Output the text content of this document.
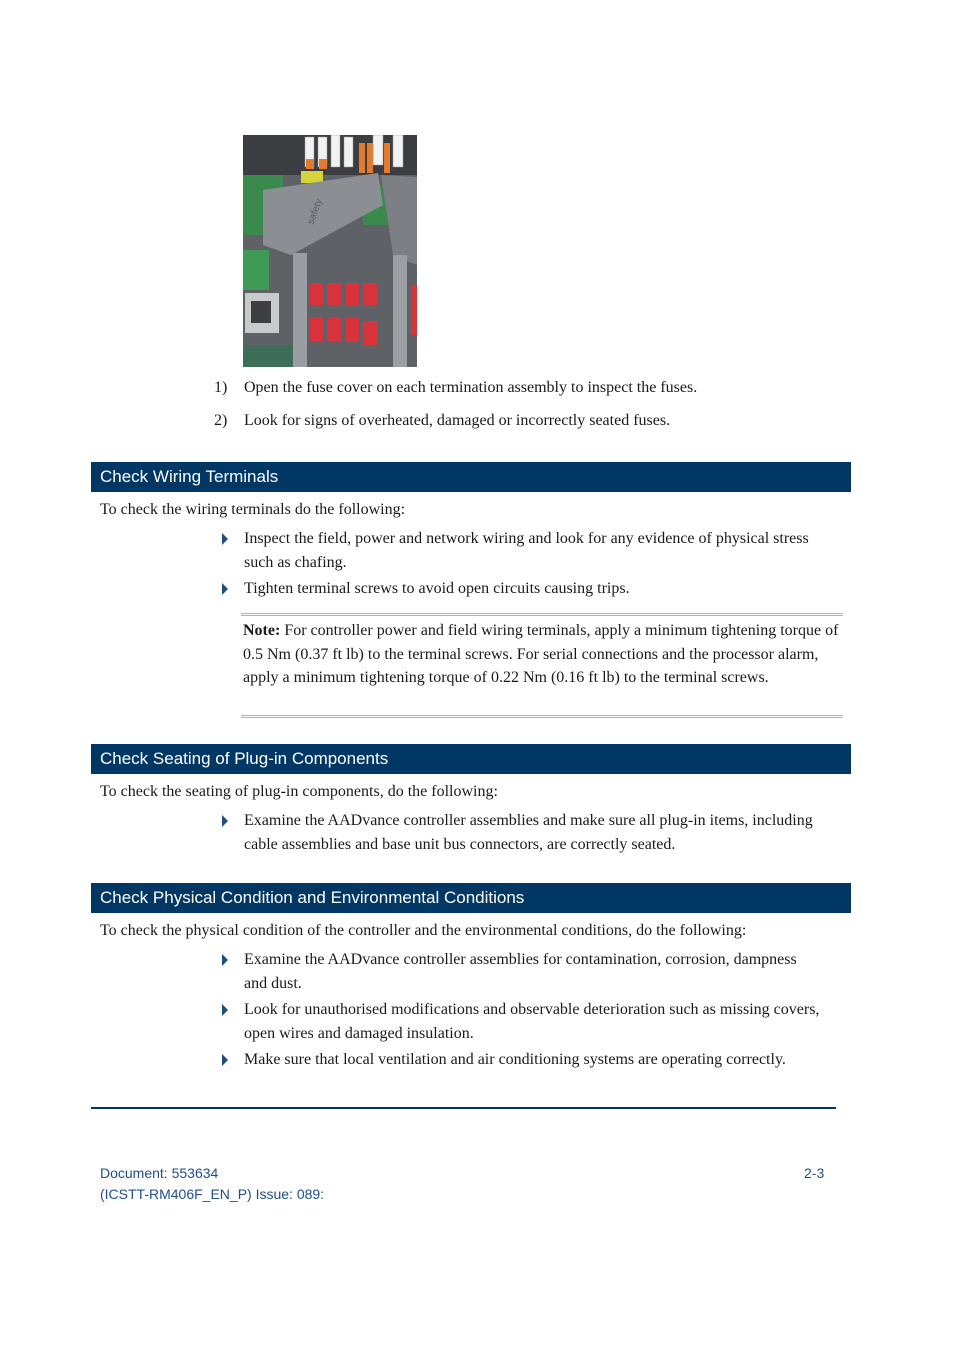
safety
1) Open the fuse cover on each termination assembly to inspect the fuses.
2) Look for signs of overheated, damaged or incorrectly seated fuses.
Check Wiring Terminals
To check the wiring terminals do the following:
Inspect the field, power and network wiring and look for any evidence of physical stress such as chafing.
Tighten terminal screws to avoid open circuits causing trips.
Note: For controller power and field wiring terminals, apply a minimum tightening torque of 0.5 Nm (0.37 ft lb) to the terminal screws. For serial connections and the processor alarm, apply a minimum tightening torque of 0.22 Nm (0.16 ft lb) to the terminal screws.
Check Seating of Plug-in Components
To check the seating of plug-in components, do the following:
Examine the AADvance controller assemblies and make sure all plug-in items, including cable assemblies and base unit bus connectors, are correctly seated.
Check Physical Condition and Environmental Conditions
To check the physical condition of the controller and the environmental conditions, do the following:
Examine the AADvance controller assemblies for contamination, corrosion, dampness and dust.
Look for unauthorised modifications and observable deterioration such as missing covers, open wires and damaged insulation.
Make sure that local ventilation and air conditioning systems are operating correctly.
Document: 553634
(ICSTT-RM406F_EN_P) Issue: 089:
2-3
